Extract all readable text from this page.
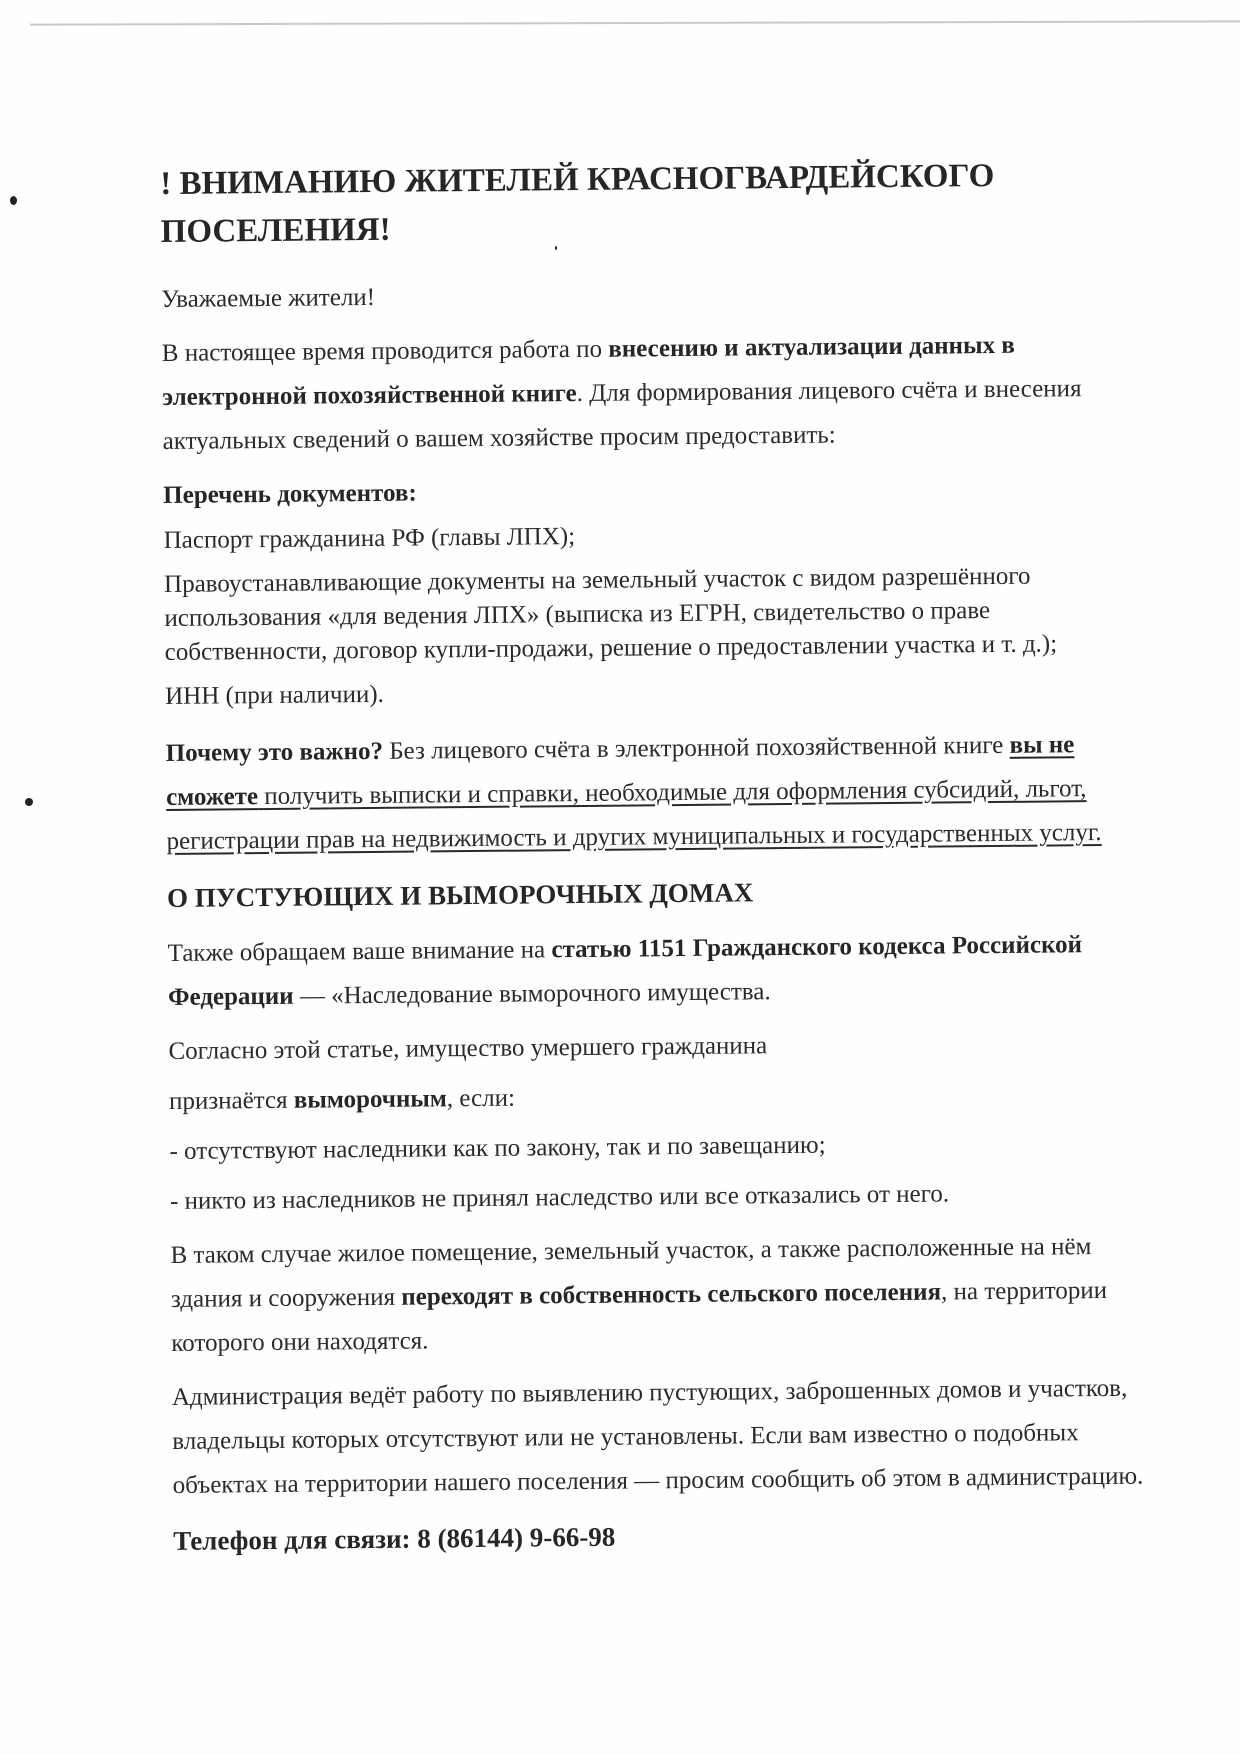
! ВНИМАНИЮ ЖИТЕЛЕЙ КРАСНОГВАРДЕЙСКОГО ПОСЕЛЕНИЯ!
Уважаемые жители!
В настоящее время проводится работа по внесению и актуализации данных в электронной похозяйственной книге. Для формирования лицевого счёта и внесения актуальных сведений о вашем хозяйстве просим предоставить:
Перечень документов:
Паспорт гражданина РФ (главы ЛПХ);
Правоустанавливающие документы на земельный участок с видом разрешённого использования «для ведения ЛПХ» (выписка из ЕГРН, свидетельство о праве собственности, договор купли-продажи, решение о предоставлении участка и т. д.);
ИНН (при наличии).
Почему это важно? Без лицевого счёта в электронной похозяйственной книге вы не сможете получить выписки и справки, необходимые для оформления субсидий, льгот, регистрации прав на недвижимость и других муниципальных и государственных услуг.
О ПУСТУЮЩИХ И ВЫМОРОЧНЫХ ДОМАХ
Также обращаем ваше внимание на статью 1151 Гражданского кодекса Российской Федерации — «Наследование выморочного имущества.
Согласно этой статье, имущество умершего гражданина
признаётся выморочным, если:
- отсутствуют наследники как по закону, так и по завещанию;
- никто из наследников не принял наследство или все отказались от него.
В таком случае жилое помещение, земельный участок, а также расположенные на нём здания и сооружения переходят в собственность сельского поселения, на территории которого они находятся.
Администрация ведёт работу по выявлению пустующих, заброшенных домов и участков, владельцы которых отсутствуют или не установлены. Если вам известно о подобных объектах на территории нашего поселения — просим сообщить об этом в администрацию.
Телефон для связи: 8 (86144) 9-66-98
